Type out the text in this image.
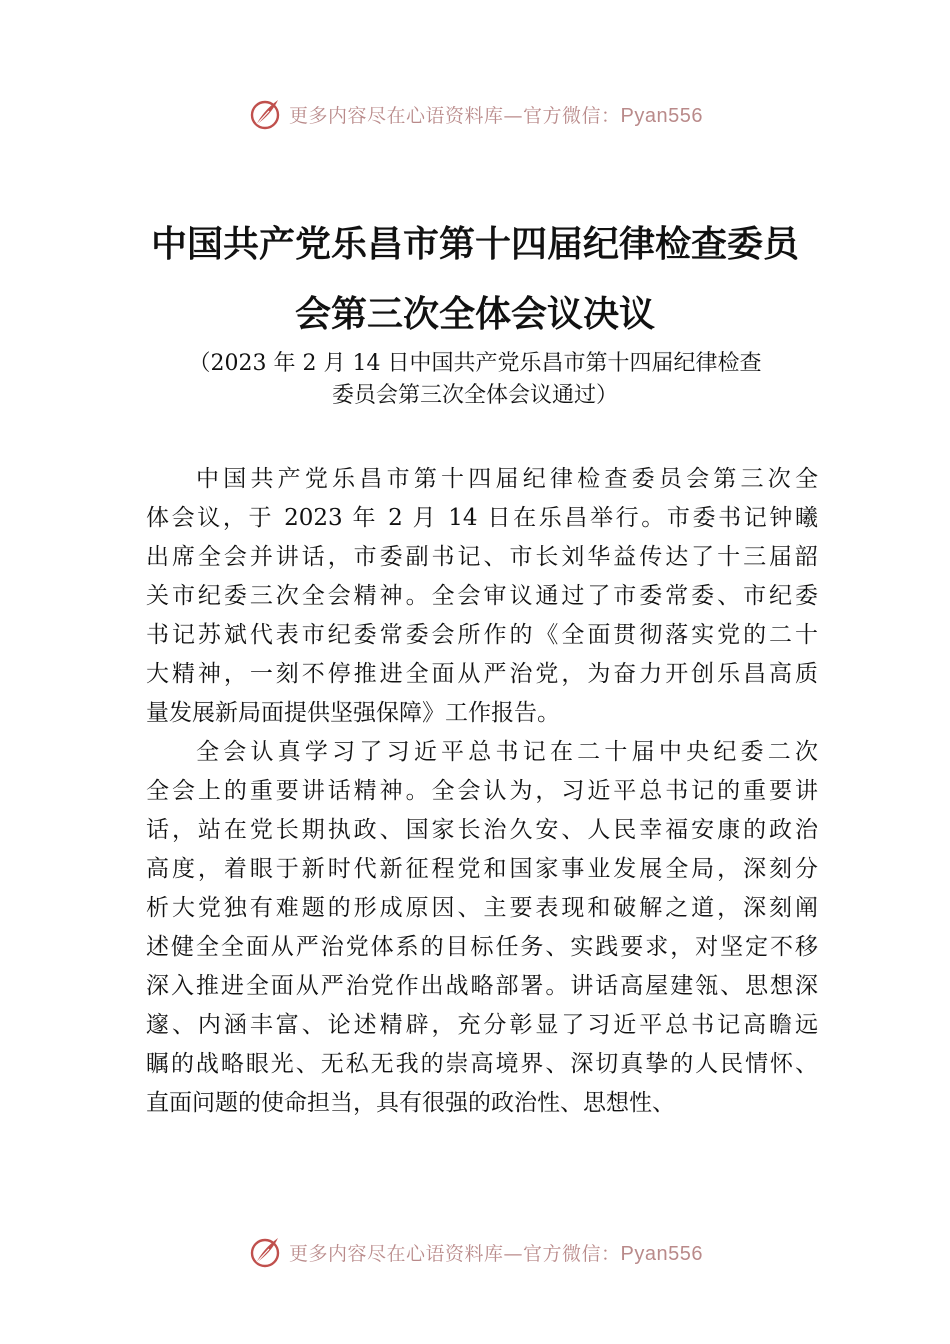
更多内容尽在心语资料库—官方微信：Pyan556
中国共产党乐昌市第十四届纪律检查委员
会第三次全体会议决议
（2023 年 2 月 14 日中国共产党乐昌市第十四届纪律检查
委员会第三次全体会议通过）
中国共产党乐昌市第十四届纪律检查委员会第三次全
体会议，于 2023 年 2 月 14 日在乐昌举行。市委书记钟曦
出席全会并讲话，市委副书记、市长刘华益传达了十三届韶
关市纪委三次全会精神。全会审议通过了市委常委、市纪委
书记苏斌代表市纪委常委会所作的《全面贯彻落实党的二十
大精神，一刻不停推进全面从严治党，为奋力开创乐昌高质
量发展新局面提供坚强保障》工作报告。
全会认真学习了习近平总书记在二十届中央纪委二次
全会上的重要讲话精神。全会认为，习近平总书记的重要讲
话，站在党长期执政、国家长治久安、人民幸福安康的政治
高度，着眼于新时代新征程党和国家事业发展全局，深刻分
析大党独有难题的形成原因、主要表现和破解之道，深刻阐
述健全全面从严治党体系的目标任务、实践要求，对坚定不移
深入推进全面从严治党作出战略部署。讲话高屋建瓴、思想深
邃、内涵丰富、论述精辟，充分彰显了习近平总书记高瞻远
瞩的战略眼光、无私无我的崇高境界、深切真挚的人民情怀、
直面问题的使命担当，具有很强的政治性、思想性、
更多内容尽在心语资料库—官方微信：Pyan556
